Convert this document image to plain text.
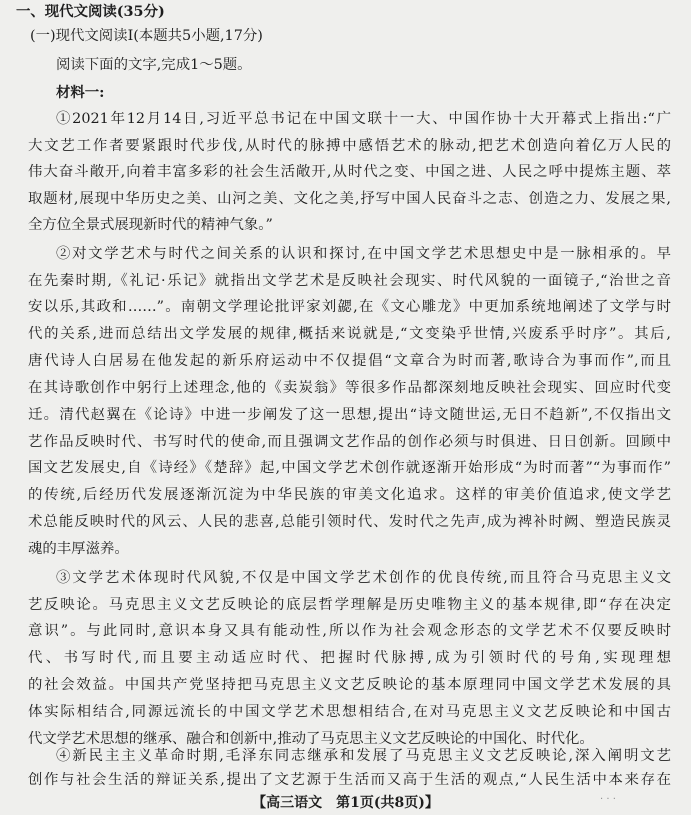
一、现代文阅读(35分)
(一)现代文阅读Ⅰ(本题共5小题,17分)
阅读下面的文字,完成1～5题。
材料一:
①2021年12月14日,习近平总书记在中国文联十一大、中国作协十大开幕式上指出:“广
大文艺工作者要紧跟时代步伐,从时代的脉搏中感悟艺术的脉动,把艺术创造向着亿万人民的
伟大奋斗敞开,向着丰富多彩的社会生活敞开,从时代之变、中国之进、人民之呼中提炼主题、萃
取题材,展现中华历史之美、山河之美、文化之美,抒写中国人民奋斗之志、创造之力、发展之果,
全方位全景式展现新时代的精神气象。”
②对文学艺术与时代之间关系的认识和探讨,在中国文学艺术思想史中是一脉相承的。早
在先秦时期,《礼记·乐记》就指出文学艺术是反映社会现实、时代风貌的一面镜子,“治世之音
安以乐,其政和……”。南朝文学理论批评家刘勰,在《文心雕龙》中更加系统地阐述了文学与时
代的关系,进而总结出文学发展的规律,概括来说就是,“文变染乎世情,兴废系乎时序”。其后,
唐代诗人白居易在他发起的新乐府运动中不仅提倡“文章合为时而著,歌诗合为事而作”,而且
在其诗歌创作中躬行上述理念,他的《卖炭翁》等很多作品都深刻地反映社会现实、回应时代变
迁。清代赵翼在《论诗》中进一步阐发了这一思想,提出“诗文随世运,无日不趋新”,不仅指出文
艺作品反映时代、书写时代的使命,而且强调文艺作品的创作必须与时俱进、日日创新。回顾中
国文艺发展史,自《诗经》《楚辞》起,中国文学艺术创作就逐渐开始形成“为时而著”“为事而作”
的传统,后经历代发展逐渐沉淀为中华民族的审美文化追求。这样的审美价值追求,使文学艺
术总能反映时代的风云、人民的悲喜,总能引领时代、发时代之先声,成为裨补时阙、塑造民族灵
魂的丰厚滋养。
③文学艺术体现时代风貌,不仅是中国文学艺术创作的优良传统,而且符合马克思主义文
艺反映论。马克思主义文艺反映论的底层哲学理解是历史唯物主义的基本规律,即“存在决定
意识”。与此同时,意识本身又具有能动性,所以作为社会观念形态的文学艺术不仅要反映时
代、书写时代,而且要主动适应时代、把握时代脉搏,成为引领时代的号角,实现理想
的社会效益。中国共产党坚持把马克思主义文艺反映论的基本原理同中国文学艺术发展的具
体实际相结合,同源远流长的中国文学艺术思想相结合,在对马克思主义文艺反映论和中国古
代文学艺术思想的继承、融合和创新中,推动了马克思主义文艺反映论的中国化、时代化。
④新民主主义革命时期,毛泽东同志继承和发展了马克思主义文艺反映论,深入阐明文艺
创作与社会生活的辩证关系,提出了文艺源于生活而又高于生活的观点,“人民生活中本来存在
· · ·
【高三语文　第1页(共8页)】
